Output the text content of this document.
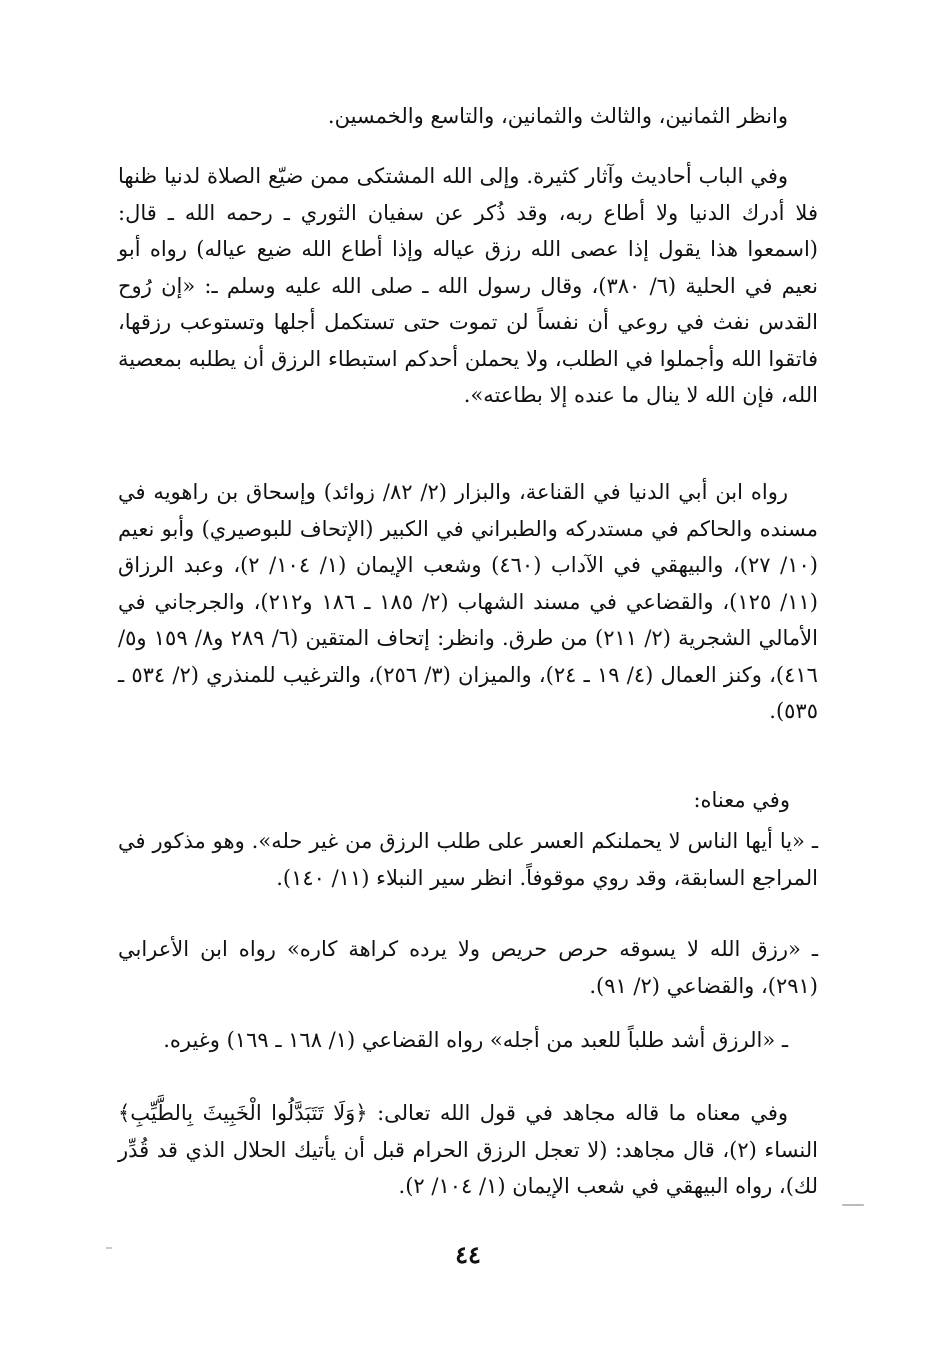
وانظر الثمانين، والثالث والثمانين، والتاسع والخمسين.

وفي الباب أحاديث وآثار كثيرة. وإلى الله المشتكى ممن ضيّع الصلاة لدنيا ظنها فلا أدرك الدنيا ولا أطاع ربه، وقد ذُكر عن سفيان الثوري ـ رحمه الله ـ قال: (اسمعوا هذا يقول إذا عصى الله رزق عياله وإذا أطاع الله ضيع عياله) رواه أبو نعيم في الحلية (٦/ ٣٨٠)، وقال رسول الله ـ صلى الله عليه وسلم ـ: «إن رُوح القدس نفث في روعي أن نفساً لن تموت حتى تستكمل أجلها وتستوعب رزقها، فاتقوا الله وأجملوا في الطلب، ولا يحملن أحدكم استبطاء الرزق أن يطلبه بمعصية الله، فإن الله لا ينال ما عنده إلا بطاعته».

رواه ابن أبي الدنيا في القناعة، والبزار (٢/ ٨٢/ زوائد) وإسحاق بن راهويه في مسنده والحاكم في مستدركه والطبراني في الكبير (الإتحاف للبوصيري) وأبو نعيم (١٠/ ٢٧)، والبيهقي في الآداب (٤٦٠) وشعب الإيمان (١/ ١٠٤/ ٢)، وعبد الرزاق (١١/ ١٢٥)، والقضاعي في مسند الشهاب (٢/ ١٨٥ ـ ١٨٦ و٢١٢)، والجرجاني في الأمالي الشجرية (٢/ ٢١١) من طرق. وانظر: إتحاف المتقين (٦/ ٢٨٩ و٨/ ١٥٩ و٥/ ٤١٦)، وكنز العمال (٤/ ١٩ ـ ٢٤)، والميزان (٣/ ٢٥٦)، والترغيب للمنذري (٢/ ٥٣٤ ـ ٥٣٥).

وفي معناه:

ـ «يا أيها الناس لا يحملنكم العسر على طلب الرزق من غير حله». وهو مذكور في المراجع السابقة، وقد روي موقوفاً. انظر سير النبلاء (١١/ ١٤٠).

ـ «رزق الله لا يسوقه حرص حريص ولا يرده كراهة كاره» رواه ابن الأعرابي (٢٩١)، والقضاعي (٢/ ٩١).

ـ «الرزق أشد طلباً للعبد من أجله» رواه القضاعي (١/ ١٦٨ ـ ١٦٩) وغيره.

وفي معناه ما قاله مجاهد في قول الله تعالى: ﴿وَلَا تَتَبَدَّلُوا الْخَبِيثَ بِالطَّيِّبِ﴾ النساء (٢)، قال مجاهد: (لا تعجل الرزق الحرام قبل أن يأتيك الحلال الذي قد قُدِّر لك)، رواه البيهقي في شعب الإيمان (١/ ١٠٤/ ٢).

٤٤
